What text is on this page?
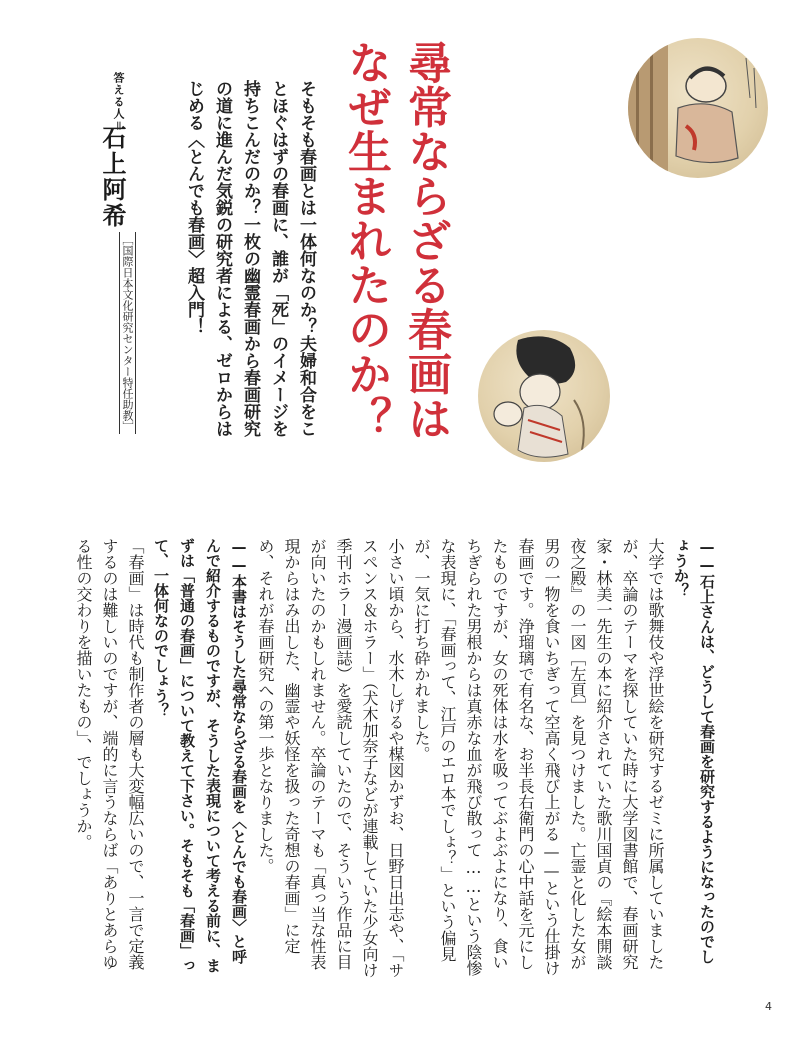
尋常ならざる春画はなぜ生まれたのか？
そもそも春画とは一体何なのか？夫婦和合をことほぐはずの春画に、誰が「死」のイメージを持ちこんだのか？一枚の幽霊春画から春画研究の道に進んだ気鋭の研究者による、ゼロからはじめる〈とんでも春画〉超入門！
答える人＝
石上阿希
［国際日本文化研究センター特任助教］

——石上さんは、どうして春画を研究するようになったのでしょうか？

大学では歌舞伎や浮世絵を研究するゼミに所属していましたが、卒論のテーマを探していた時に大学図書館で、春画研究家・林美一先生の本に紹介されていた歌川国貞の『絵本開談夜之殿』の一図［左頁］を見つけました。亡霊と化した女が男の一物を食いちぎって空高く飛び上がる——という仕掛け春画です。浄瑠璃で有名な、お半長右衛門の心中話を元にしたものですが、女の死体は水を吸ってぶよぶよになり、食いちぎられた男根からは真赤な血が飛び散って……という陰惨な表現に、「春画って、江戸のエロ本でしょ？」という偏見が、一気に打ち砕かれました。

小さい頃から、水木しげるや楳図かずお、日野日出志や、「サスペンス＆ホラー」（犬木加奈子などが連載していた少女向け季刊ホラー漫画誌）を愛読していたので、そういう作品に目が向いたのかもしれません。卒論のテーマも「真っ当な性表現からはみ出した、幽霊や妖怪を扱った奇想の春画」に定め、それが春画研究への第一歩となりました。

——本書はそうした尋常ならざる春画を〈とんでも春画〉と呼んで紹介するものですが、そうした表現について考える前に、まずは「普通の春画」について教えて下さい。そもそも「春画」って、一体何なのでしょう？

「春画」は時代も制作者の層も大変幅広いので、一言で定義するのは難しいのですが、端的に言うならば「ありとあらゆる性の交わりを描いたもの」、でしょうか。

4
